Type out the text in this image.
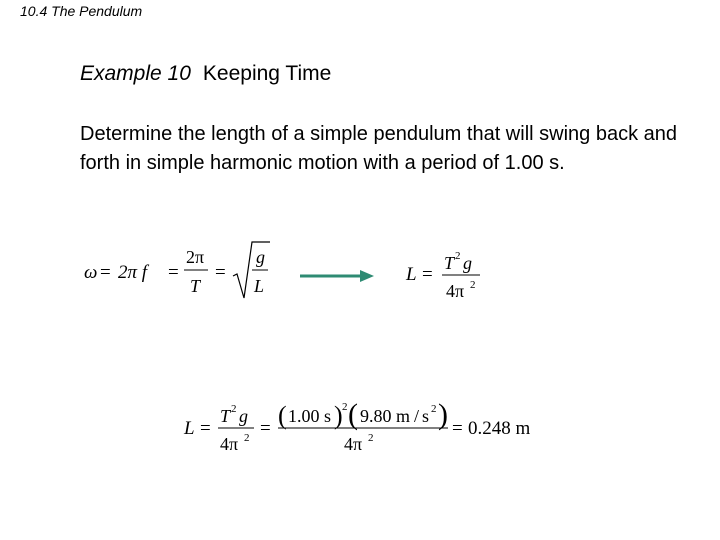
10.4 The Pendulum
Example 10 Keeping Time
Determine the length of a simple pendulum that will swing back and forth in simple harmonic motion with a period of 1.00 s.
ω = 2π f =
2π
T
=
g
L
L =
T 2 g
4π 2
L =
T 2 g
4π 2 = ( 1.00 s ) 2 ( 9.80 m / s 2 )
4π 2	= 0.248 m
